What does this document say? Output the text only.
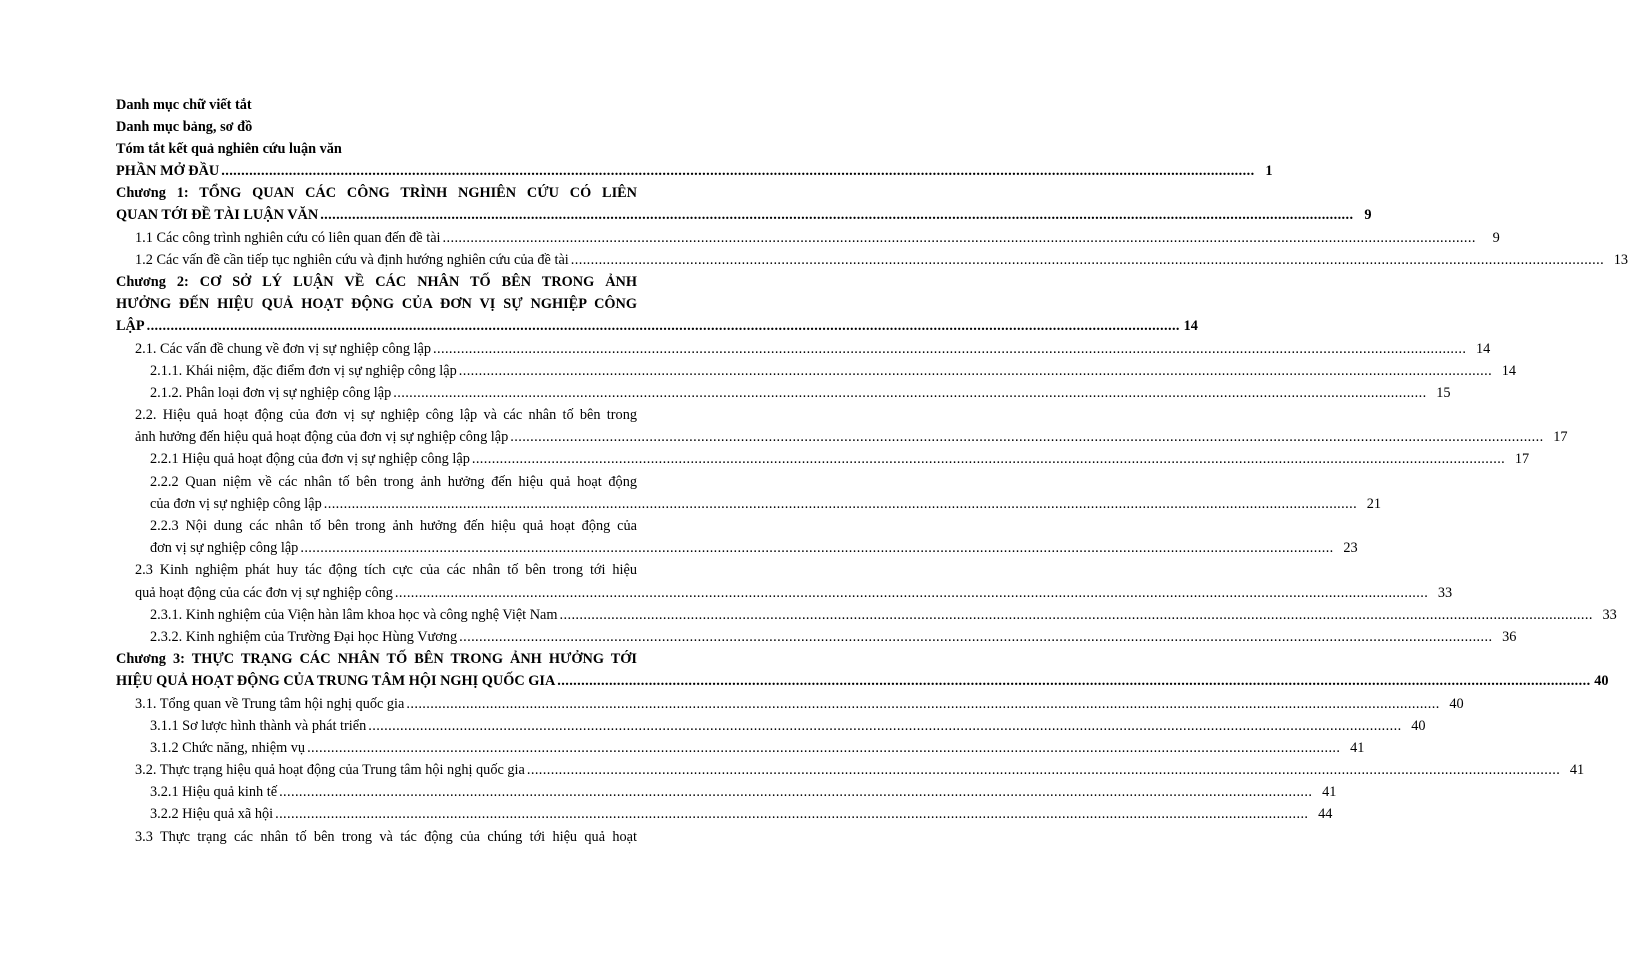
Danh mục chữ viết tắt
Danh mục bảng, sơ đồ
Tóm tắt kết quả nghiên cứu luận văn
PHẦN MỞ ĐẦU .................................................................................................................................................................................................................................................................... 1
Chương 1: TỔNG QUAN CÁC CÔNG TRÌNH NGHIÊN CỨU CÓ LIÊN
QUAN TỚI ĐỀ TÀI LUẬN VĂN .................................................................................................................................................................................................................................................................... 9
1.1 Các công trình nghiên cứu có liên quan đến đề tài ....................................................................................................................................................................................................................................................................	9
1.2 Các vấn đề cần tiếp tục nghiên cứu và định hướng nghiên cứu của đề tài .................................................................................................................................................................................................................................................................... 13
Chương 2: CƠ SỞ LÝ LUẬN VỀ CÁC NHÂN TỐ BÊN TRONG ẢNH
HƯỞNG ĐẾN HIỆU QUẢ HOẠT ĐỘNG CỦA ĐƠN VỊ SỰ NGHIỆP CÔNG
LẬP .................................................................................................................................................................................................................................................................... 14
2.1. Các vấn đề chung về đơn vị sự nghiệp công lập .................................................................................................................................................................................................................................................................... 14
2.1.1. Khái niệm, đặc điểm đơn vị sự nghiệp công lập .................................................................................................................................................................................................................................................................... 14
2.1.2. Phân loại đơn vị sự nghiệp công lập .................................................................................................................................................................................................................................................................... 15
2.2. Hiệu quả hoạt động của đơn vị sự nghiệp công lập và các nhân tố bên trong
ảnh hưởng đến hiệu quả hoạt động của đơn vị sự nghiệp công lập .................................................................................................................................................................................................................................................................... 17
2.2.1 Hiệu quả hoạt động của đơn vị sự nghiệp công lập .................................................................................................................................................................................................................................................................... 17
2.2.2 Quan niệm về các nhân tố bên trong ảnh hưởng đến hiệu quả hoạt động
của đơn vị sự nghiệp công lập .................................................................................................................................................................................................................................................................... 21
2.2.3 Nội dung các nhân tố bên trong ảnh hưởng đến hiệu quả hoạt động của
đơn vị sự nghiệp công lập .................................................................................................................................................................................................................................................................... 23
2.3 Kinh nghiệm phát huy tác động tích cực của các nhân tố bên trong tới hiệu
quả hoạt động của các đơn vị sự nghiệp công .................................................................................................................................................................................................................................................................... 33
2.3.1. Kinh nghiệm của Viện hàn lâm khoa học và công nghệ Việt Nam .................................................................................................................................................................................................................................................................... 33
2.3.2. Kinh nghiệm của Trường Đại học Hùng Vương .................................................................................................................................................................................................................................................................... 36
Chương 3: THỰC TRẠNG CÁC NHÂN TỐ BÊN TRONG ẢNH HƯỞNG TỚI
HIỆU QUẢ HOẠT ĐỘNG CỦA TRUNG TÂM HỘI NGHỊ QUỐC GIA .................................................................................................................................................................................................................................................................... 40
3.1. Tổng quan về Trung tâm hội nghị quốc gia .................................................................................................................................................................................................................................................................... 40
3.1.1 Sơ lược hình thành và phát triển .................................................................................................................................................................................................................................................................... 40
3.1.2 Chức năng, nhiệm vụ .................................................................................................................................................................................................................................................................... 41
3.2. Thực trạng hiệu quả hoạt động của Trung tâm hội nghị quốc gia .................................................................................................................................................................................................................................................................... 41
3.2.1 Hiệu quả kinh tế .................................................................................................................................................................................................................................................................... 41
3.2.2 Hiệu quả xã hội .................................................................................................................................................................................................................................................................... 44
3.3 Thực trạng các nhân tố bên trong và tác động của chúng tới hiệu quả hoạt
